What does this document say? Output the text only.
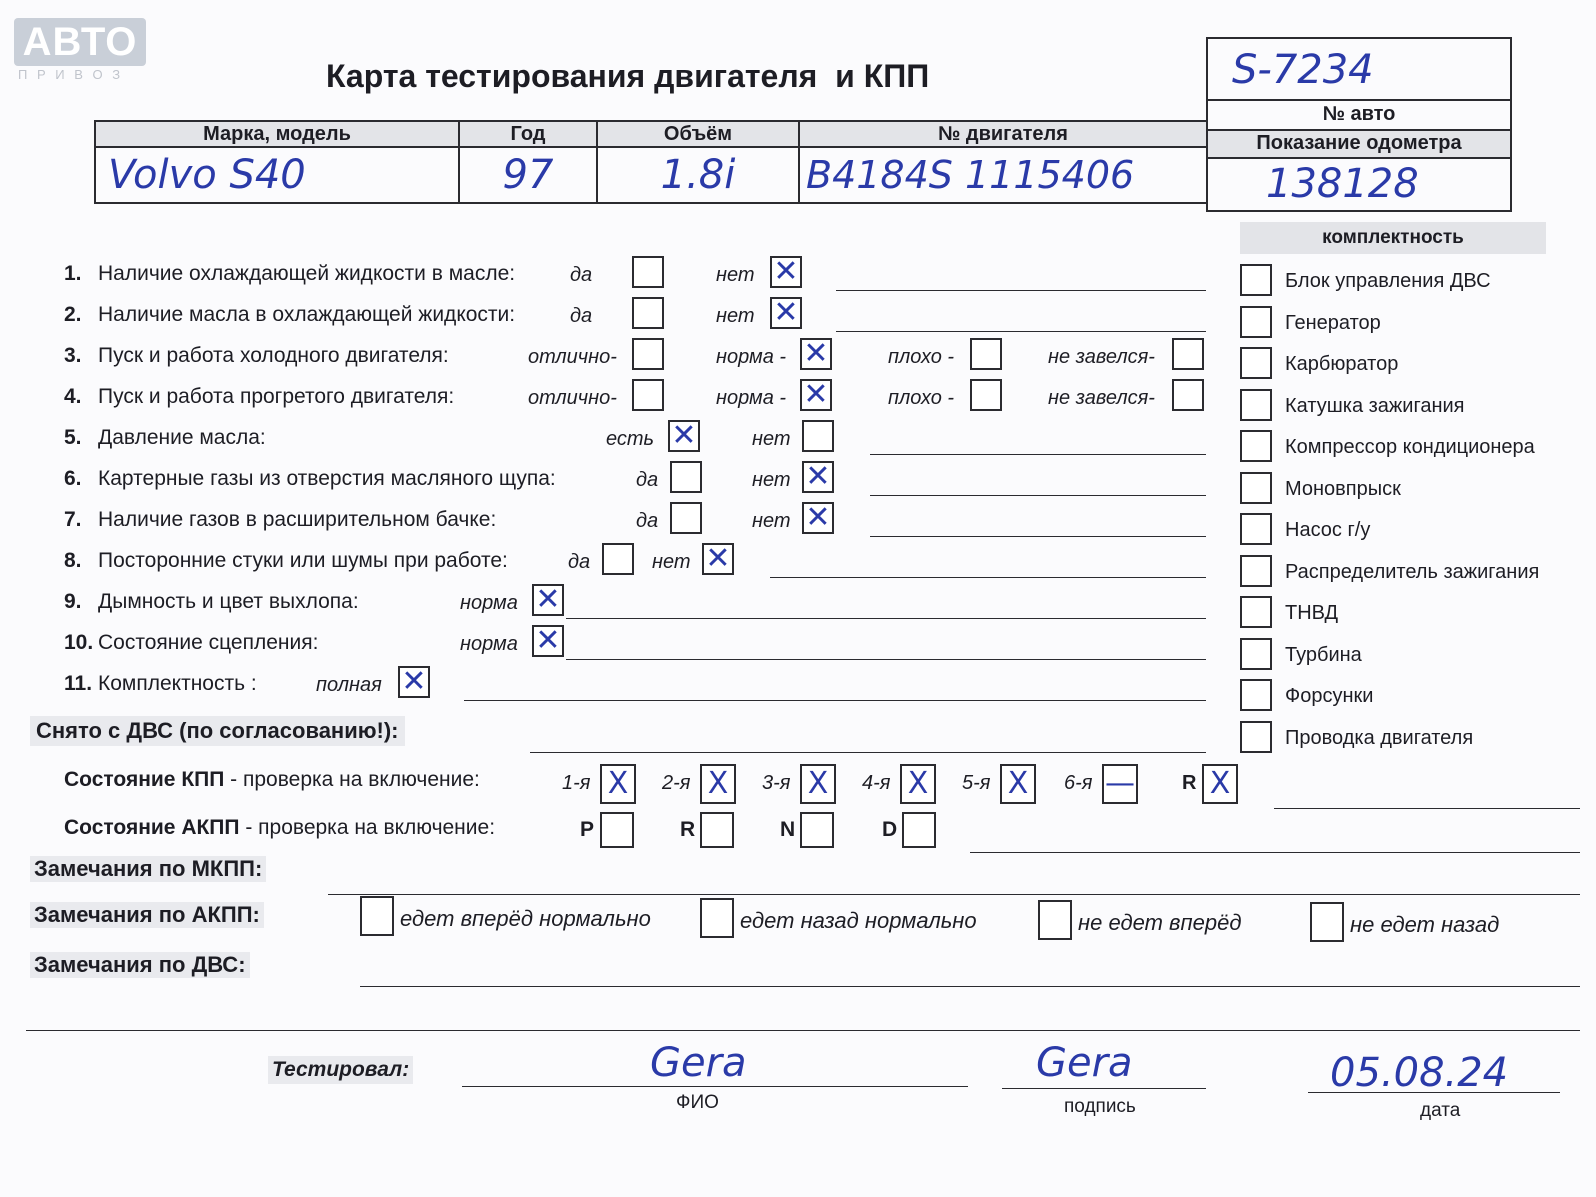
АВТО
П Р И В О З	Карта тестирования двигателя  и КПП	S-7234
№ авто
Показание одометра
138128
Марка, модель	Год	Объём	№ двигателя
Volvo S40	97	1.8i	B4184S 1115406
1. Наличие охлаждающей жидкости в масле:	да	нет ✕
2. Наличие масла в охлаждающей жидкости:	да	нет ✕
3. Пуск и работа холодного двигателя:	отлично-	норма - ✕	плохо -	не завелся-
4. Пуск и работа прогретого двигателя:	отлично-	норма - ✕	плохо -	не завелся-
5. Давление масла:	есть ✕	нет
6. Картерные газы из отверстия масляного щупа:	да	нет ✕
7. Наличие газов в расширительном бачке:	да	нет ✕
8. Посторонние стуки или шумы при работе:	да	нет ✕
9. Дымность и цвет выхлопа:	норма ✕
10. Состояние сцепления:	норма ✕
11. Комплектность :	полная ✕
Снято с ДВС (по согласованию!):
комплектность
Блок управления ДВС
Генератор
Карбюратор
Катушка зажигания
Компрессор кондиционера
Моновпрыск
Насос г/у
Распределитель зажигания
ТНВД
Турбина
Форсунки
Проводка двигателя
Состояние КПП - проверка на включение:	1-я X 2-я X 3-я X 4-я X 5-я X 6-я — R X
Состояние АКПП - проверка на включение:	P	R	N	D
Замечания по МКПП:
Замечания по АКПП:	едет вперёд нормально	едет назад нормально	не едет вперёд	не едет назад
Замечания по ДВС:
Тестировал:	Gera
ФИО
Gera
подпись
05.08.24
дата
